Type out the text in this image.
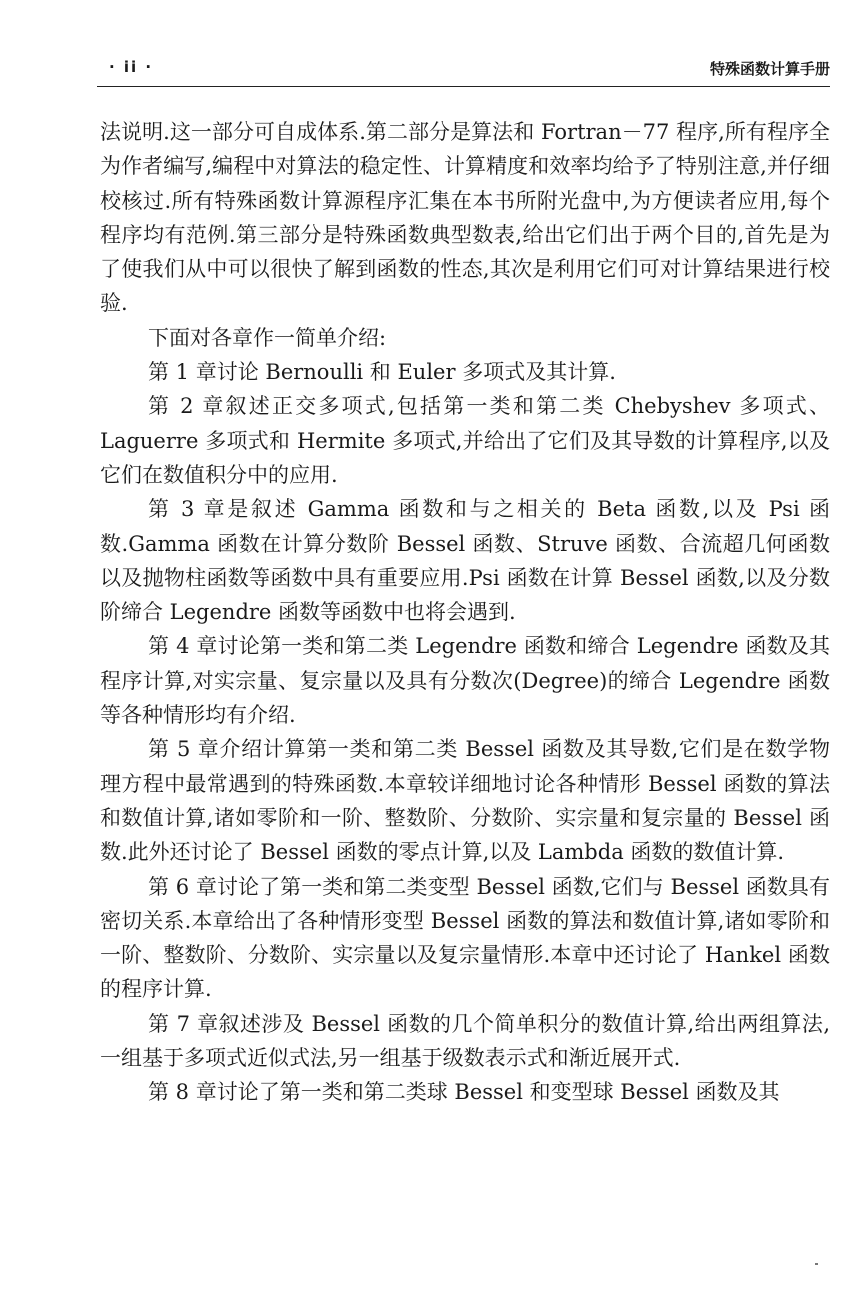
· ii ·	特殊函数计算手册

法说明.这一部分可自成体系.第二部分是算法和 Fortran－77 程序,所有程序全为作者编写,编程中对算法的稳定性、计算精度和效率均给予了特别注意,并仔细校核过.所有特殊函数计算源程序汇集在本书所附光盘中,为方便读者应用,每个程序均有范例.第三部分是特殊函数典型数表,给出它们出于两个目的,首先是为了使我们从中可以很快了解到函数的性态,其次是利用它们可对计算结果进行校验.

下面对各章作一简单介绍:

第 1 章讨论 Bernoulli 和 Euler 多项式及其计算.

第 2 章叙述正交多项式,包括第一类和第二类 Chebyshev 多项式、Laguerre 多项式和 Hermite 多项式,并给出了它们及其导数的计算程序,以及它们在数值积分中的应用.

第 3 章是叙述 Gamma 函数和与之相关的 Beta 函数,以及 Psi 函数.Gamma 函数在计算分数阶 Bessel 函数、Struve 函数、合流超几何函数以及抛物柱函数等函数中具有重要应用.Psi 函数在计算 Bessel 函数,以及分数阶缔合 Legendre 函数等函数中也将会遇到.

第 4 章讨论第一类和第二类 Legendre 函数和缔合 Legendre 函数及其程序计算,对实宗量、复宗量以及具有分数次(Degree)的缔合 Legendre 函数等各种情形均有介绍.

第 5 章介绍计算第一类和第二类 Bessel 函数及其导数,它们是在数学物理方程中最常遇到的特殊函数.本章较详细地讨论各种情形 Bessel 函数的算法和数值计算,诸如零阶和一阶、整数阶、分数阶、实宗量和复宗量的 Bessel 函数.此外还讨论了 Bessel 函数的零点计算,以及 Lambda 函数的数值计算.

第 6 章讨论了第一类和第二类变型 Bessel 函数,它们与 Bessel 函数具有密切关系.本章给出了各种情形变型 Bessel 函数的算法和数值计算,诸如零阶和一阶、整数阶、分数阶、实宗量以及复宗量情形.本章中还讨论了 Hankel 函数的程序计算.

第 7 章叙述涉及 Bessel 函数的几个简单积分的数值计算,给出两组算法,一组基于多项式近似式法,另一组基于级数表示式和渐近展开式.

第 8 章讨论了第一类和第二类球 Bessel 和变型球 Bessel 函数及其
